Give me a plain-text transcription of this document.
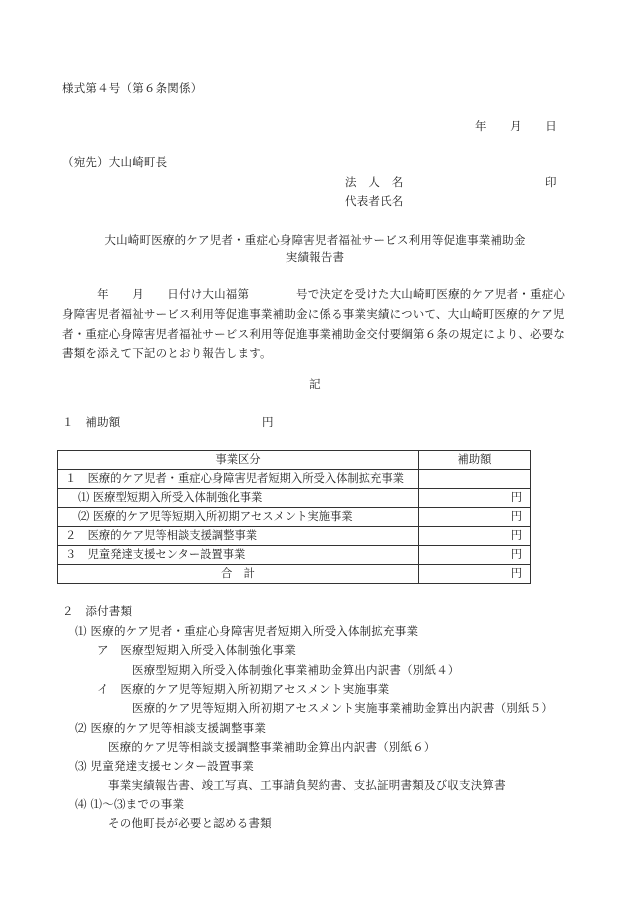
様式第４号（第６条関係）
年　　月　　日
（宛先）大山崎町長
法　人　名	印
代表者氏名
大山崎町医療的ケア児者・重症心身障害児者福祉サービス利用等促進事業補助金
実績報告書
　　　年　　月　　日付け大山福第　　　　号で決定を受けた大山崎町医療的ケア児者・重症心
身障害児者福祉サービス利用等促進事業補助金に係る事業実績について、大山崎町医療的ケア児
者・重症心身障害児者福祉サービス利用等促進事業補助金交付要綱第６条の規定により、必要な
書類を添えて下記のとおり報告します。
記
１　補助額	円
事業区分	補助額
１　医療的ケア児者・重症心身障害児者短期入所受入体制拡充事業	
⑴ 医療型短期入所受入体制強化事業	円
⑵ 医療的ケア児等短期入所初期アセスメント実施事業	円
２　医療的ケア児等相談支援調整事業	円
３　児童発達支援センター設置事業	円
合　計	円
２　添付書類
⑴ 医療的ケア児者・重症心身障害児者短期入所受入体制拡充事業
ア　医療型短期入所受入体制強化事業
医療型短期入所受入体制強化事業補助金算出内訳書（別紙４）
イ　医療的ケア児等短期入所初期アセスメント実施事業
医療的ケア児等短期入所初期アセスメント実施事業補助金算出内訳書（別紙５）
⑵ 医療的ケア児等相談支援調整事業
医療的ケア児等相談支援調整事業補助金算出内訳書（別紙６）
⑶ 児童発達支援センター設置事業
事業実績報告書、竣工写真、工事請負契約書、支払証明書類及び収支決算書
⑷ ⑴～⑶までの事業
その他町長が必要と認める書類
